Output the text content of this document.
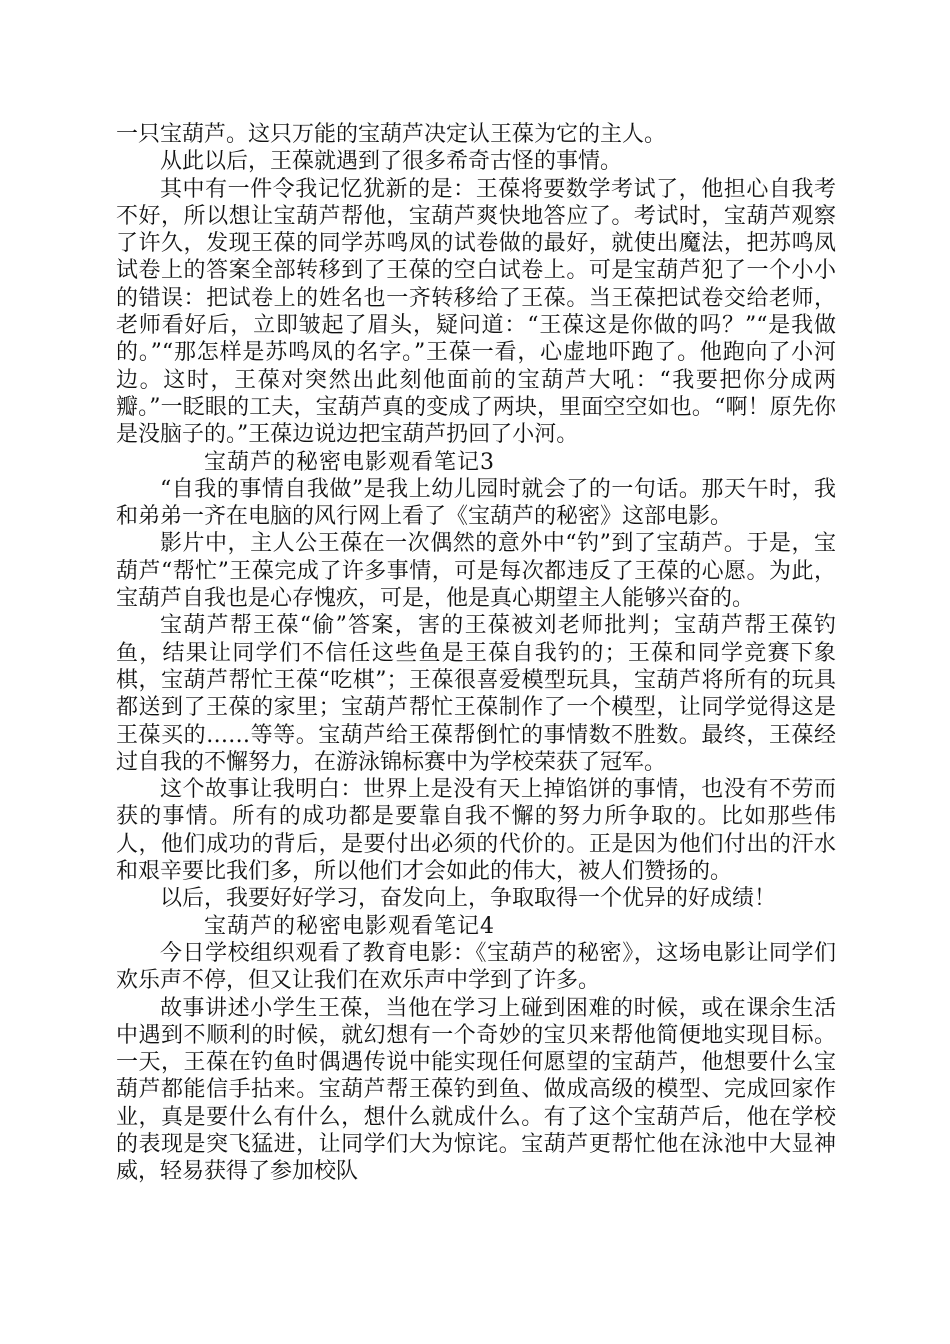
一只宝葫芦。这只万能的宝葫芦决定认王葆为它的主人。

从此以后，王葆就遇到了很多希奇古怪的事情。

其中有一件令我记忆犹新的是：王葆将要数学考试了，他担心自我考不好，所以想让宝葫芦帮他，宝葫芦爽快地答应了。考试时，宝葫芦观察了许久，发现王葆的同学苏鸣凤的试卷做的最好，就使出魔法，把苏鸣凤试卷上的答案全部转移到了王葆的空白试卷上。可是宝葫芦犯了一个小小的错误：把试卷上的姓名也一齐转移给了王葆。当王葆把试卷交给老师，老师看好后，立即皱起了眉头，疑问道：“王葆这是你做的吗？”“是我做的。”“那怎样是苏鸣凤的名字。”王葆一看，心虚地吓跑了。他跑向了小河边。这时，王葆对突然出此刻他面前的宝葫芦大吼：“我要把你分成两瓣。”一眨眼的工夫，宝葫芦真的变成了两块，里面空空如也。“啊！原先你是没脑子的。”王葆边说边把宝葫芦扔回了小河。

宝葫芦的秘密电影观看笔记3

“自我的事情自我做”是我上幼儿园时就会了的一句话。那天午时，我和弟弟一齐在电脑的风行网上看了《宝葫芦的秘密》这部电影。

影片中，主人公王葆在一次偶然的意外中“钓”到了宝葫芦。于是，宝葫芦“帮忙”王葆完成了许多事情，可是每次都违反了王葆的心愿。为此，宝葫芦自我也是心存愧疚，可是，他是真心期望主人能够兴奋的。

宝葫芦帮王葆“偷”答案，害的王葆被刘老师批判；宝葫芦帮王葆钓鱼，结果让同学们不信任这些鱼是王葆自我钓的；王葆和同学竞赛下象棋，宝葫芦帮忙王葆“吃棋”；王葆很喜爱模型玩具，宝葫芦将所有的玩具都送到了王葆的家里；宝葫芦帮忙王葆制作了一个模型，让同学觉得这是王葆买的……等等。宝葫芦给王葆帮倒忙的事情数不胜数。最终，王葆经过自我的不懈努力，在游泳锦标赛中为学校荣获了冠军。

这个故事让我明白：世界上是没有天上掉馅饼的事情，也没有不劳而获的事情。所有的成功都是要靠自我不懈的努力所争取的。比如那些伟人，他们成功的背后，是要付出必须的代价的。正是因为他们付出的汗水和艰辛要比我们多，所以他们才会如此的伟大，被人们赞扬的。

以后，我要好好学习，奋发向上，争取取得一个优异的好成绩！

宝葫芦的秘密电影观看笔记4

今日学校组织观看了教育电影：《宝葫芦的秘密》，这场电影让同学们欢乐声不停，但又让我们在欢乐声中学到了许多。

故事讲述小学生王葆，当他在学习上碰到困难的时候，或在课余生活中遇到不顺利的时候，就幻想有一个奇妙的宝贝来帮他简便地实现目标。一天，王葆在钓鱼时偶遇传说中能实现任何愿望的宝葫芦，他想要什么宝葫芦都能信手拈来。宝葫芦帮王葆钓到鱼、做成高级的模型、完成回家作业，真是要什么有什么，想什么就成什么。有了这个宝葫芦后，他在学校的表现是突飞猛进，让同学们大为惊诧。宝葫芦更帮忙他在泳池中大显神威，轻易获得了参加校队
